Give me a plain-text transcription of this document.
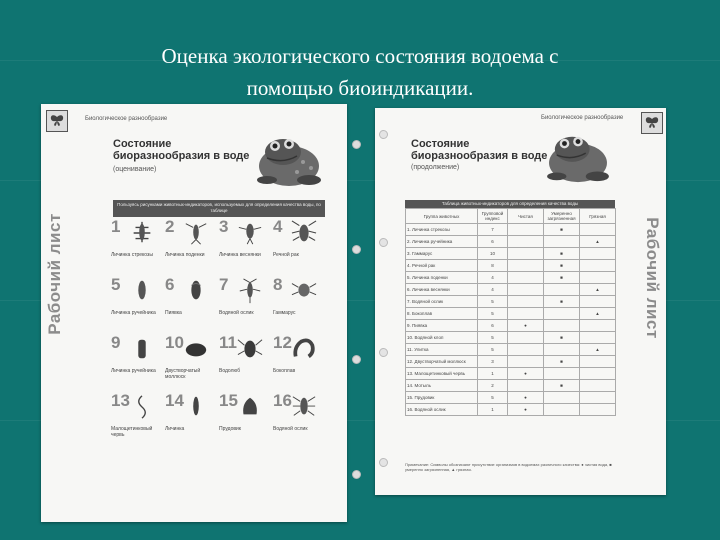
Оценка экологического состояния водоема с
помощью биоиндикации.
Рабочий лист
Биологическое разнообразие
Состояние
биоразнообразия в воде
(оценивание)
Пользуясь рисунками животных-индикаторов, используемых для определения качества воды, по таблице
1
Личинка стрекозы
2
Личинка поденки
3
Личинка веснянки
4
Речной рак
5
Личинка ручейника
6
Пиявка
7
Водяной ослик
8
Гаммарус
9
Личинка ручейника
10
Двустворчатый моллюск
11
Водолюб
12
Бокоплав
13
Малощетинковый червь
14
Личинка
15
Прудовик
16
Водяной ослик
Рабочий лист
Биологическое разнообразие
Состояние
биоразнообразия в воде
(продолжение)
Таблица животных-индикаторов для определения качества воды
Группа животных	Групповой индекс	Чистая	Умеренно загрязненная	Грязная
1. Личинка стрекозы	7		■	
2. Личинка ручейника	6			▲
3. Гаммарус	10		■	
4. Речной рак	8		■	
5. Личинка поденки	4		■	
6. Личинка веснянки	4			▲
7. Водяной ослик	5		■	
8. Бокоплав	5			▲
9. Пиявка	6	●		
10. Водяной клоп	5		■	
11. Улитка	5			▲
12. Двустворчатый моллюск	3		■	
13. Малощетинковый червь	1	●		
14. Мотыль	2		■	
15. Прудовик	5	●		
16. Водяной ослик	1	●		
Примечание: Символы обозначают присутствие организмов в водоемах различного качества: ● чистая вода, ■ умеренно загрязненная, ▲ грязная.
